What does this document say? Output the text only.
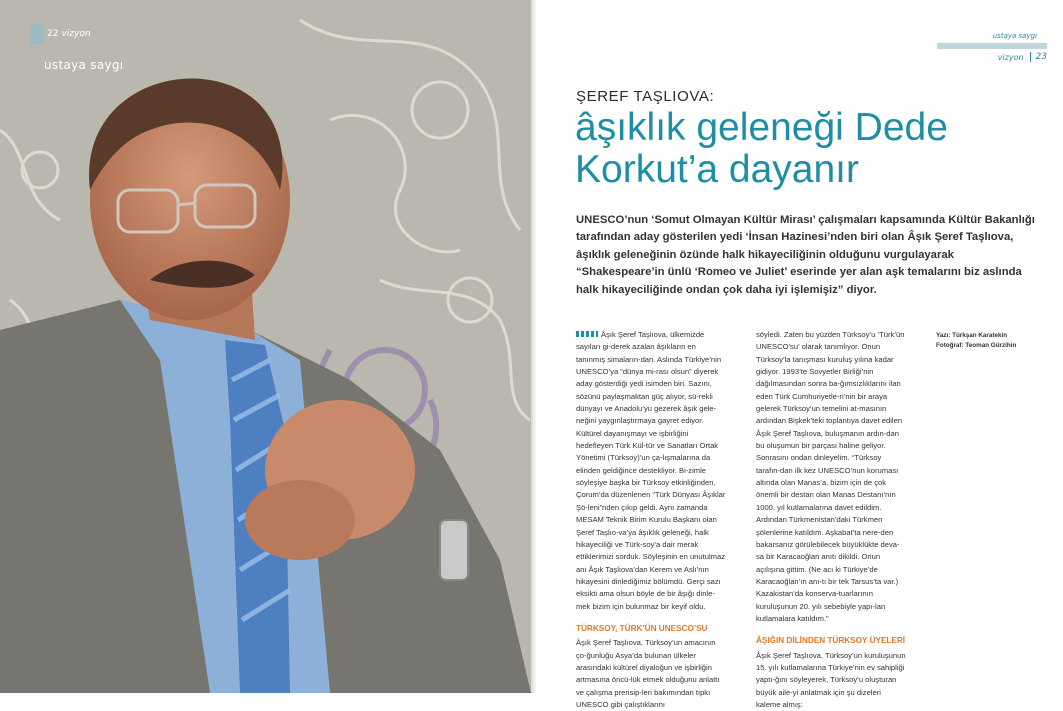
22 vizyon
ustaya saygı
ustaya saygı
vizyon	23
ŞEREF TAŞLIOVA:
âşıklık geleneği Dede Korkut’a dayanır
UNESCO’nun ‘Somut Olmayan Kültür Mirası’ çalışmaları kapsamında Kültür Bakanlığı tarafından aday gösterilen yedi ‘İnsan Hazinesi’nden biri olan Âşık Şeref Taşlıova, âşıklık geleneğinin özünde halk hikayeciliğinin olduğunu vurgulayarak “Shakespeare’in ünlü ‘Romeo ve Juliet’ eserinde yer alan aşk temalarını biz aslında halk hikayeciliğinde ondan çok daha iyi işlemişiz” diyor.

Âşık Şeref Taşlıova, ülkemizde sayıları gi-derek azalan âşıkların en tanınmış simaların-dan. Aslında Türkiye’nin UNESCO’ya “dünya mi-rası olsun” diyerek aday gösterdiği yedi isimden biri. Sazını, sözünü paylaşmaktan güç alıyor, sü-rekli dünyayı ve Anadolu’yu gezerek âşık gele-neğini yaygınlaştırmaya gayret ediyor. Kültürel dayanışmayı ve işbirliğini hedefleyen Türk Kül-tür ve Sanatları Ortak Yönetimi (Türksoy)’un ça-lışmalarına da elinden geldiğince destekliyor. Bi-zimle söyleşiye başka bir Türksoy etkinliğinden, Çorum’da düzenlenen “Türk Dünyası Âşıklar Şö-leni”nden çıkıp geldi. Aynı zamanda MESAM Teknik Birim Kurulu Başkanı olan Şeref Taşlıo-va’ya âşıklık geleneği, halk hikayeciliği ve Türk-soy’a dair merak ettiklerimizi sorduk. Söyleşinin en unutulmaz anı Âşık Taşlıova’dan Kerem ve Aslı’nın hikayesini dinlediğimiz bölümdü. Gerçi sazı eksikti ama olsun böyle de bir âşığı dinle-mek bizim için bulunmaz bir keyif oldu.

TÜRKSOY, TÜRK’ÜN UNESCO’SU

Âşık Şeref Taşlıova, Türksoy’un amacının ço-ğunluğu Asya’da bulunan ülkeler arasındaki kültürel diyaloğun ve işbirliğin artmasına öncü-lük etmek olduğunu anlattı ve çalışma prensip-leri bakımından tıpkı UNESCO gibi çalıştıklarını

söyledi. Zaten bu yüzden Türksoy’u ‘Türk’ün UNESCO’su’ olarak tanımlıyor. Onun Türksoy’la tanışması kuruluş yılına kadar gidiyor. 1993’te Sovyetler Birliği’nin dağılmasından sonra ba-ğımsızlıklarını ilan eden Türk Cumhuriyetle-ri’nin bir araya gelerek Türksoy’un temelini at-masının ardından Bişkek’teki toplantıya davet edilen Âşık Şeref Taşlıova, buluşmanın ardın-dan bu oluşumun bir parçası haline geliyor. Sonrasını ondan dinleyelim. “Türksoy tarafın-dan ilk kez UNESCO’nun koruması altında olan Manas’a, bizim için de çok önemli bir destan olan Manas Destanı’nın 1000. yıl kutlamalarına davet edildim. Ardından Türkmenistan’daki Türkmen şölenlerine katıldım. Aşkabat’ta nere-den bakarsanız görülebilecek büyüklükte deva-sa bir Karacaoğlan anıtı dikildi. Onun açılışına gittim. (Ne acı ki Türkiye’de Karacaoğlan’ın anı-tı bir tek Tarsus’ta var.) Kazakistan’da konserva-tuarlarının kuruluşunun 20. yılı sebebiyle yapı-lan kutlamalara katıldım.”

ÂŞIĞIN DİLİNDEN TÜRKSOY ÜYELERİ

Âşık Şeref Taşlıova, Türksoy’un kuruluşunun 15. yılı kutlamalarına Türkiye’nin ev sahipliği yaptı-ğını söyleyerek, Türksoy’u oluşturan büyük aile-yi anlatmak için şu dizeleri kaleme almış:

Yazı: Türkşan Karatekin
Fotoğraf: Teoman Gürzihin
